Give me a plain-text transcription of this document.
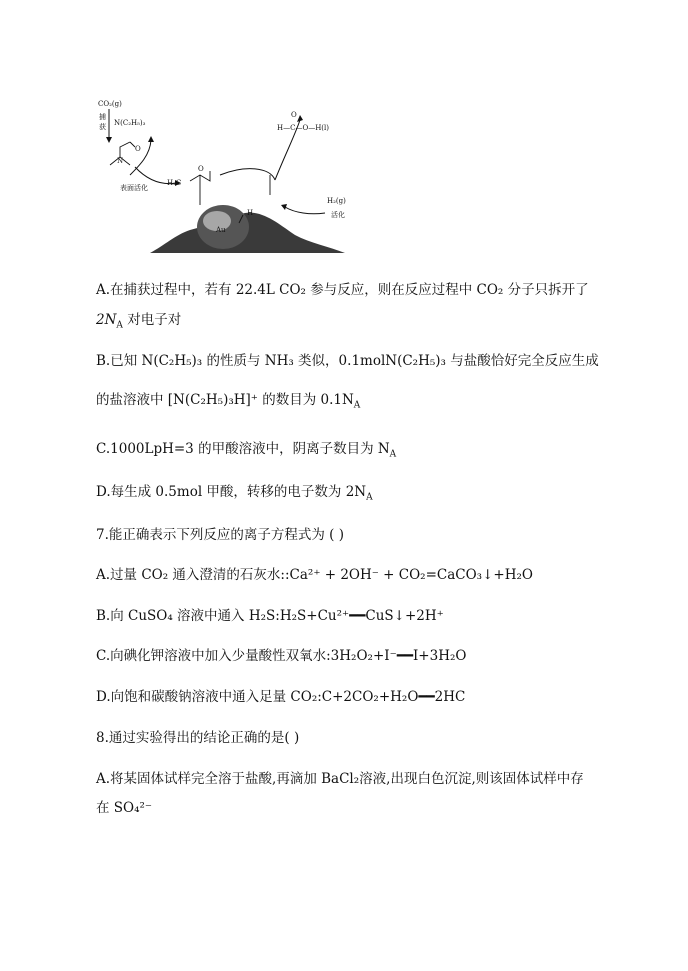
Au
CO₂(g)
捕
获 N(C₂H₅)₃
O
N
表面活化
H₂C
O
H
H—C—O—H(l)
O
H₂(g)
活化
A.在捕获过程中，若有 22.4L CO₂ 参与反应，则在反应过程中 CO₂ 分子只拆开了
$2N_A$ 对电子对
B.已知 N(C₂H₅)₃ 的性质与 NH₃ 类似，0.1molN(C₂H₅)₃ 与盐酸恰好完全反应生成
的盐溶液中 [N(C₂H₅)₃H]⁺ 的数目为 $0.1N_A$
C.1000LpH=3 的甲酸溶液中，阴离子数目为 $N_A$
D.每生成 0.5mol 甲酸，转移的电子数为 $2N_A$
7.能正确表示下列反应的离子方程式为 ( )
A.过量 CO₂ 通入澄清的石灰水::Ca²⁺ + 2OH⁻ + CO₂=CaCO₃↓+H₂O
B.向 CuSO₄ 溶液中通入 H₂S:H₂S+Cu²⁺━━CuS↓+2H⁺
C.向碘化钾溶液中加入少量酸性双氧水:3H₂O₂+I⁻━━I+3H₂O
D.向饱和碳酸钠溶液中通入足量 CO₂:C+2CO₂+H₂O━━2HC
8.通过实验得出的结论正确的是( )
A.将某固体试样完全溶于盐酸,再滴加 BaCl₂溶液,出现白色沉淀,则该固体试样中存
在 SO₄²⁻
